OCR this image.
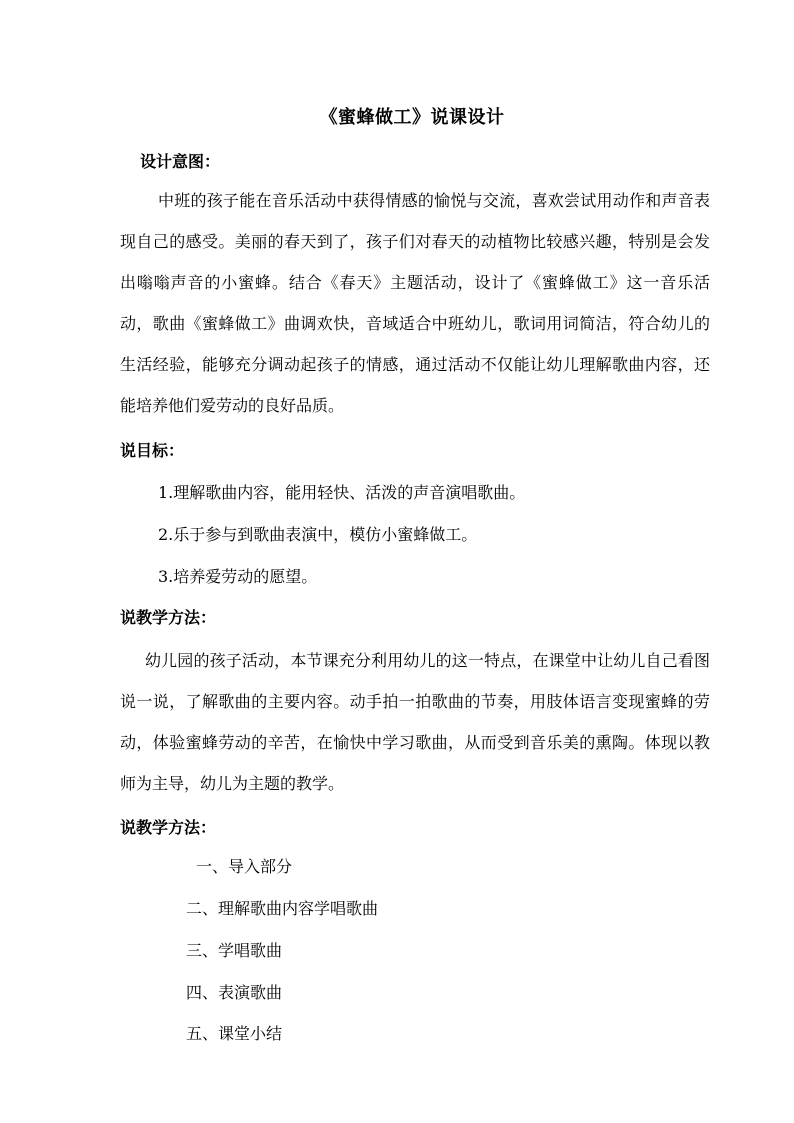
《蜜蜂做工》说课设计
设计意图：
中班的孩子能在音乐活动中获得情感的愉悦与交流，喜欢尝试用动作和声音表现自己的感受。美丽的春天到了，孩子们对春天的动植物比较感兴趣，特别是会发出嗡嗡声音的小蜜蜂。结合《春天》主题活动，设计了《蜜蜂做工》这一音乐活动，歌曲《蜜蜂做工》曲调欢快，音域适合中班幼儿，歌词用词简洁，符合幼儿的生活经验，能够充分调动起孩子的情感，通过活动不仅能让幼儿理解歌曲内容，还能培养他们爱劳动的良好品质。
说目标：
1.理解歌曲内容，能用轻快、活泼的声音演唱歌曲。
2.乐于参与到歌曲表演中，模仿小蜜蜂做工。
3.培养爱劳动的愿望。
说教学方法：
幼儿园的孩子活动，本节课充分利用幼儿的这一特点，在课堂中让幼儿自己看图说一说，了解歌曲的主要内容。动手拍一拍歌曲的节奏，用肢体语言变现蜜蜂的劳动，体验蜜蜂劳动的辛苦，在愉快中学习歌曲，从而受到音乐美的熏陶。体现以教师为主导，幼儿为主题的教学。
说教学方法：
一、导入部分
二、理解歌曲内容学唱歌曲
三、学唱歌曲
四、表演歌曲
五、课堂小结
